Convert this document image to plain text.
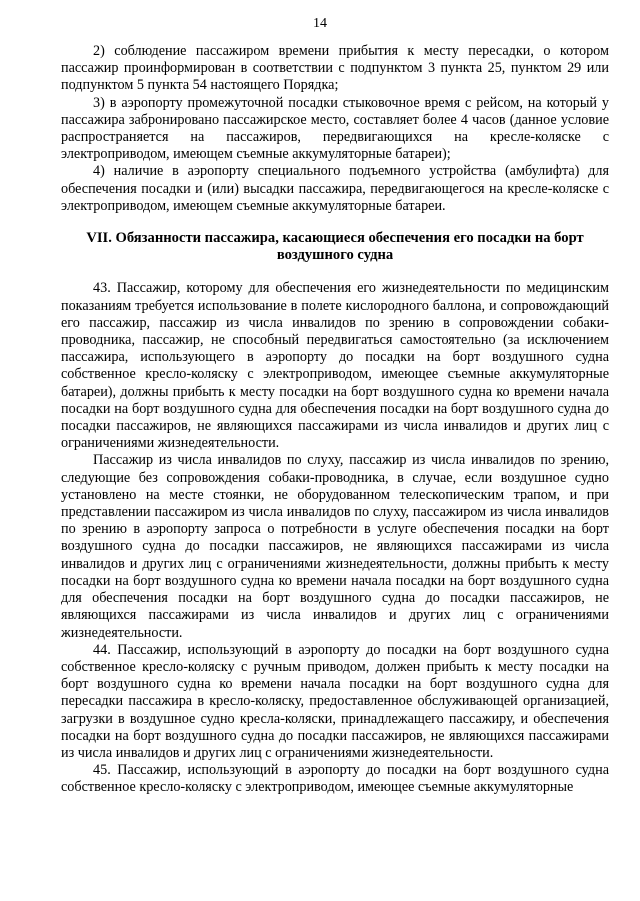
14

2) соблюдение пассажиром времени прибытия к месту пересадки, о котором пассажир проинформирован в соответствии с подпунктом 3 пункта 25, пунктом 29 или подпунктом 5 пункта 54 настоящего Порядка;

3) в аэропорту промежуточной посадки стыковочное время с рейсом, на который у пассажира забронировано пассажирское место, составляет более 4 часов (данное условие распространяется на пассажиров, передвигающихся на кресле-коляске с электроприводом, имеющем съемные аккумуляторные батареи);

4) наличие в аэропорту специального подъемного устройства (амбулифта) для обеспечения посадки и (или) высадки пассажира, передвигающегося на кресле-коляске с электроприводом, имеющем съемные аккумуляторные батареи.

VII. Обязанности пассажира, касающиеся обеспечения его посадки на борт воздушного судна

43. Пассажир, которому для обеспечения его жизнедеятельности по медицинским показаниям требуется использование в полете кислородного баллона, и сопровождающий его пассажир, пассажир из числа инвалидов по зрению в сопровождении собаки-проводника, пассажир, не способный передвигаться самостоятельно (за исключением пассажира, использующего в аэропорту до посадки на борт воздушного судна собственное кресло-коляску с электроприводом, имеющее съемные аккумуляторные батареи), должны прибыть к месту посадки на борт воздушного судна ко времени начала посадки на борт воздушного судна для обеспечения посадки на борт воздушного судна до посадки пассажиров, не являющихся пассажирами из числа инвалидов и других лиц с ограничениями жизнедеятельности.

Пассажир из числа инвалидов по слуху, пассажир из числа инвалидов по зрению, следующие без сопровождения собаки-проводника, в случае, если воздушное судно установлено на месте стоянки, не оборудованном телескопическим трапом, и при представлении пассажиром из числа инвалидов по слуху, пассажиром из числа инвалидов по зрению в аэропорту запроса о потребности в услуге обеспечения посадки на борт воздушного судна до посадки пассажиров, не являющихся пассажирами из числа инвалидов и других лиц с ограничениями жизнедеятельности, должны прибыть к месту посадки на борт воздушного судна ко времени начала посадки на борт воздушного судна для обеспечения посадки на борт воздушного судна до посадки пассажиров, не являющихся пассажирами из числа инвалидов и других лиц с ограничениями жизнедеятельности.

44. Пассажир, использующий в аэропорту до посадки на борт воздушного судна собственное кресло-коляску с ручным приводом, должен прибыть к месту посадки на борт воздушного судна ко времени начала посадки на борт воздушного судна для пересадки пассажира в кресло-коляску, предоставленное обслуживающей организацией, загрузки в воздушное судно кресла-коляски, принадлежащего пассажиру, и обеспечения посадки на борт воздушного судна до посадки пассажиров, не являющихся пассажирами из числа инвалидов и других лиц с ограничениями жизнедеятельности.

45. Пассажир, использующий в аэропорту до посадки на борт воздушного судна собственное кресло-коляску с электроприводом, имеющее съемные аккумуляторные
